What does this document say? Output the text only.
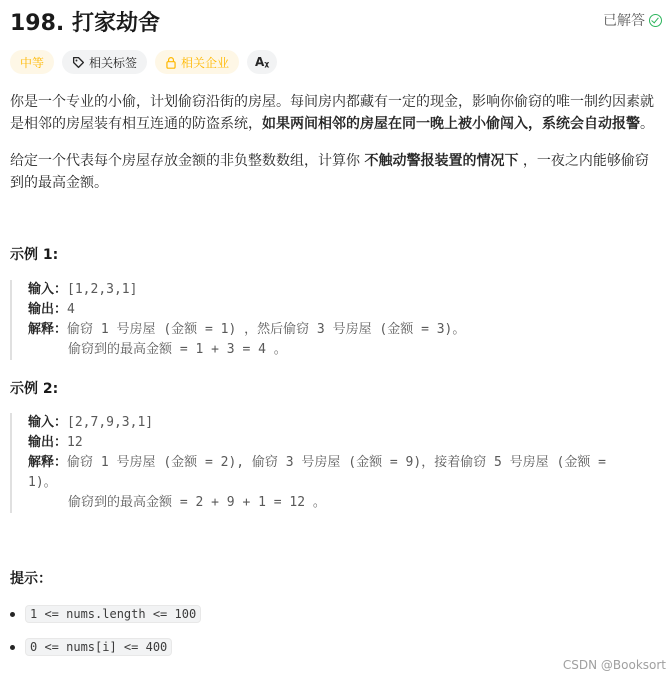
198. 打家劫舍	已解答
中等	相关标签	相关企业	Aᵪ
你是一个专业的小偷，计划偷窃沿街的房屋。每间房内都藏有一定的现金，影响你偷窃的唯一制约因素就是相邻的房屋装有相互连通的防盗系统，如果两间相邻的房屋在同一晚上被小偷闯入，系统会自动报警。
给定一个代表每个房屋存放金额的非负整数数组，计算你 不触动警报装置的情况下 ，一夜之内能够偷窃到的最高金额。
示例 1:
输入：[1,2,3,1]
输出：4
解释：偷窃 1 号房屋 (金额 = 1) ，然后偷窃 3 号房屋 (金额 = 3)。
偷窃到的最高金额 = 1 + 3 = 4 。
示例 2:
输入：[2,7,9,3,1]
输出：12
解释：偷窃 1 号房屋 (金额 = 2), 偷窃 3 号房屋 (金额 = 9)，接着偷窃 5 号房屋 (金额 =
1)。
偷窃到的最高金额 = 2 + 9 + 1 = 12 。
提示：
1 <= nums.length <= 100
0 <= nums[i] <= 400
CSDN @Booksort
